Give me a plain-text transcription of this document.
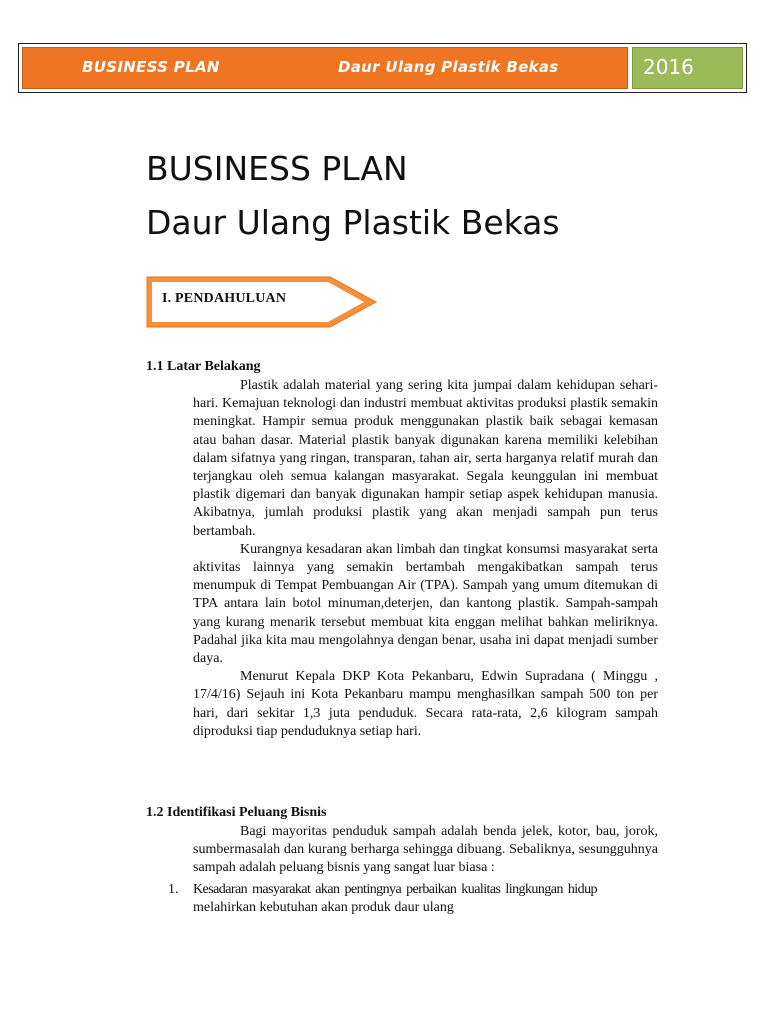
BUSINESS PLAN	Daur Ulang Plastik Bekas	2016
BUSINESS PLAN
Daur Ulang Plastik Bekas
I. PENDAHULUAN
1.1 Latar Belakang

Plastik adalah material yang sering kita jumpai dalam kehidupan sehari-hari. Kemajuan teknologi dan industri membuat aktivitas produksi plastik semakin meningkat. Hampir semua produk menggunakan plastik baik sebagai kemasan atau bahan dasar. Material plastik banyak digunakan karena memiliki kelebihan dalam sifatnya yang ringan, transparan, tahan air, serta harganya relatif murah dan terjangkau oleh semua kalangan masyarakat. Segala keunggulan ini membuat plastik digemari dan banyak digunakan hampir setiap aspek kehidupan manusia. Akibatnya, jumlah produksi plastik yang akan menjadi sampah pun terus bertambah.

Kurangnya kesadaran akan limbah dan tingkat konsumsi masyarakat serta aktivitas lainnya yang semakin bertambah mengakibatkan sampah terus menumpuk di Tempat Pembuangan Air (TPA). Sampah yang umum ditemukan di TPA antara lain botol minuman,deterjen, dan kantong plastik. Sampah-sampah yang kurang menarik tersebut membuat kita enggan melihat bahkan meliriknya. Padahal jika kita mau mengolahnya dengan benar, usaha ini dapat menjadi sumber daya.

Menurut Kepala DKP Kota Pekanbaru, Edwin Supradana ( Minggu , 17/4/16) Sejauh ini Kota Pekanbaru mampu menghasilkan sampah 500 ton per hari, dari sekitar 1,3 juta penduduk. Secara rata-rata, 2,6 kilogram sampah diproduksi tiap penduduknya setiap hari.

1.2 Identifikasi Peluang Bisnis

Bagi mayoritas penduduk sampah adalah benda jelek, kotor, bau, jorok, sumbermasalah dan kurang berharga sehingga dibuang. Sebaliknya, sesungguhnya sampah adalah peluang bisnis yang sangat luar biasa :

1. Kesadaran masyarakat akan pentingnya perbaikan kualitas lingkungan hidup
melahirkan kebutuhan akan produk daur ulang
